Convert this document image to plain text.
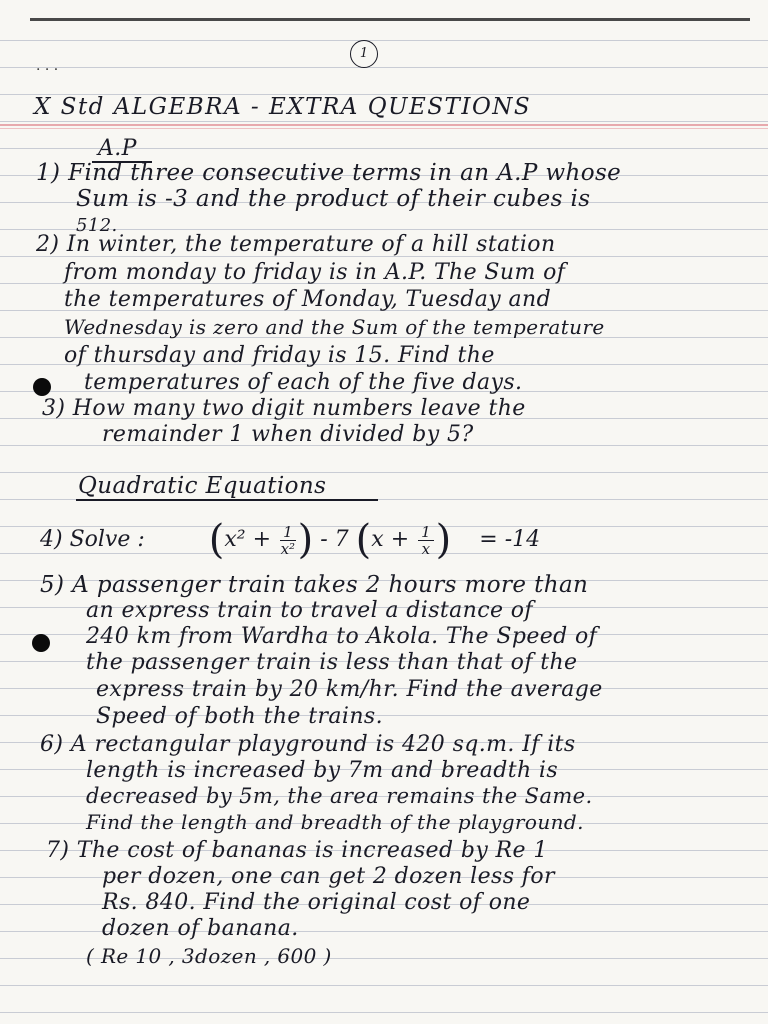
· · ·
1
X Std ALGEBRA - EXTRA QUESTIONS
A.P
1) Find three consecutive terms in an A.P whose
Sum is -3 and the product of their cubes is
512.
2) In winter, the temperature of a hill station
from monday to friday is in A.P. The Sum of
the temperatures of Monday, Tuesday and
Wednesday is zero and the Sum of the temperature
of thursday and friday is 15. Find the
temperatures of each of the five days.
3) How many two digit numbers leave the
remainder 1 when divided by 5?
Quadratic Equations
4) Solve : ($x^2 + \frac{1}{\text{x²}}$ ) - 7 ($x + \frac{1}{x}$ ) = -14
5) A passenger train takes 2 hours more than
an express train to travel a distance of
240 km from Wardha to Akola. The Speed of
the passenger train is less than that of the
express train by 20 km/hr. Find the average
Speed of both the trains.
6) A rectangular playground is 420 sq.m. If its
length is increased by 7m and breadth is
decreased by 5m, the area remains the Same.
Find the length and breadth of the playground.
7) The cost of bananas is increased by Re 1
per dozen, one can get 2 dozen less for
Rs. 840. Find the original cost of one
dozen of banana.
( Re 10 , 3dozen , 600 )
